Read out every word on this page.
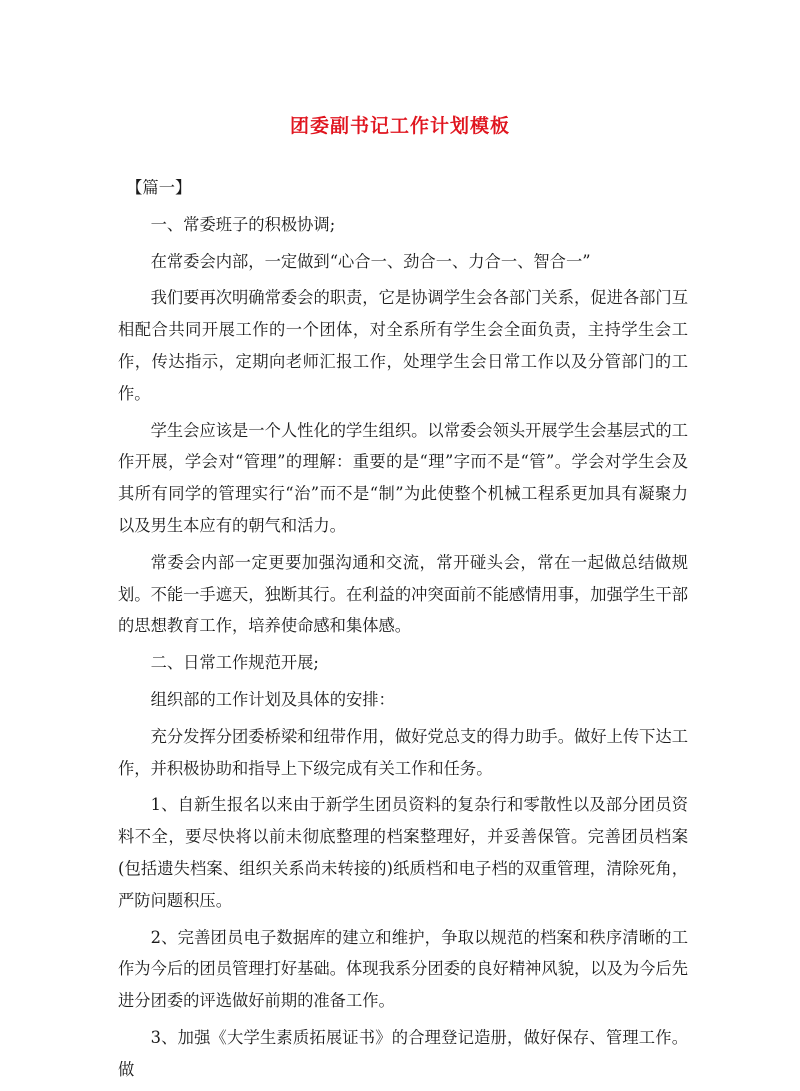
团委副书记工作计划模板

【篇一】

一、常委班子的积极协调;

在常委会内部，一定做到“心合一、劲合一、力合一、智合一”

我们要再次明确常委会的职责，它是协调学生会各部门关系，促进各部门互相配合共同开展工作的一个团体，对全系所有学生会全面负责，主持学生会工作，传达指示，定期向老师汇报工作，处理学生会日常工作以及分管部门的工作。

学生会应该是一个人性化的学生组织。以常委会领头开展学生会基层式的工作开展，学会对“管理”的理解：重要的是“理”字而不是“管”。学会对学生会及其所有同学的管理实行“治”而不是“制”为此使整个机械工程系更加具有凝聚力以及男生本应有的朝气和活力。

常委会内部一定更要加强沟通和交流，常开碰头会，常在一起做总结做规划。不能一手遮天，独断其行。在利益的冲突面前不能感情用事，加强学生干部的思想教育工作，培养使命感和集体感。

二、日常工作规范开展;

组织部的工作计划及具体的安排：

充分发挥分团委桥梁和纽带作用，做好党总支的得力助手。做好上传下达工作，并积极协助和指导上下级完成有关工作和任务。

1、自新生报名以来由于新学生团员资料的复杂行和零散性以及部分团员资料不全，要尽快将以前未彻底整理的档案整理好，并妥善保管。完善团员档案(包括遗失档案、组织关系尚未转接的)纸质档和电子档的双重管理，清除死角，严防问题积压。

2、完善团员电子数据库的建立和维护，争取以规范的档案和秩序清晰的工作为今后的团员管理打好基础。体现我系分团委的良好精神风貌，以及为今后先进分团委的评选做好前期的准备工作。

3、加强《大学生素质拓展证书》的合理登记造册，做好保存、管理工作。做
